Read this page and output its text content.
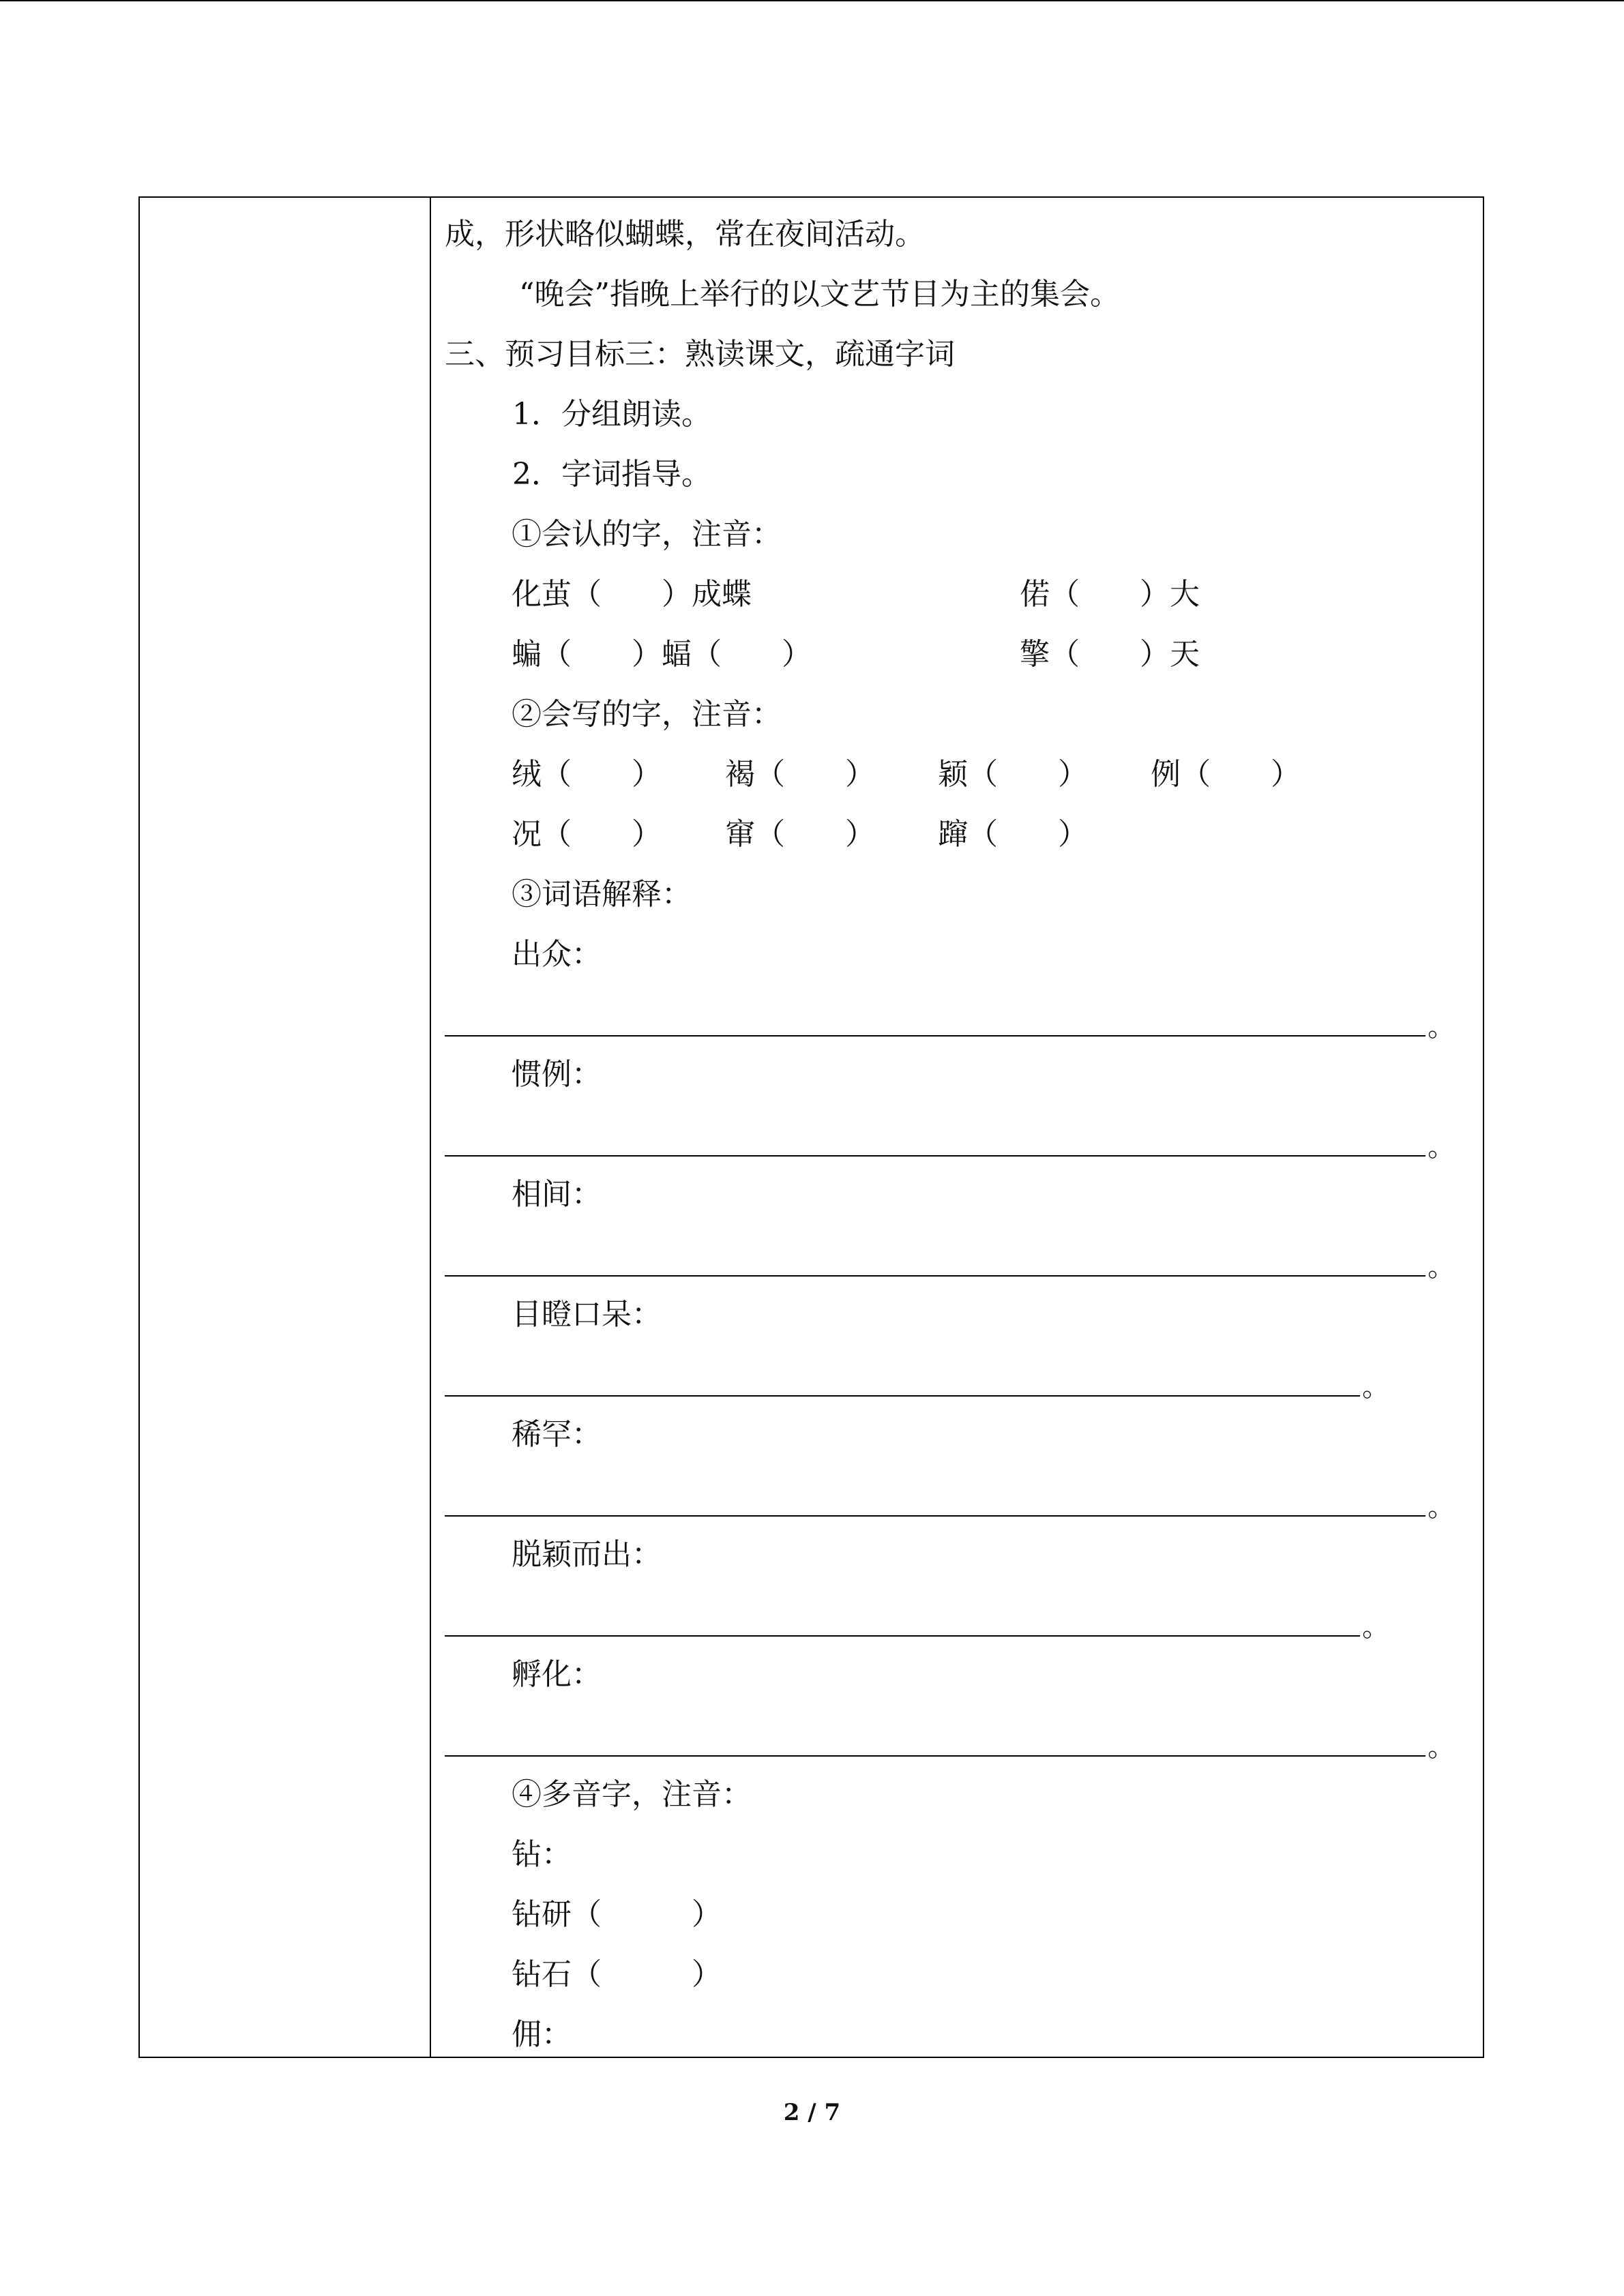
成，形状略似蝴蝶，常在夜间活动。
“晚会”指晚上举行的以文艺节目为主的集会。
三、预习目标三：熟读课文，疏通字词
1．分组朗读。
2．字词指导。
①会认的字，注音：
化茧（　　）成蝶	偌（　　）大
蝙（　　）蝠（　　）	擎（　　）天
②会写的字，注音：
绒（　　） 褐（　　） 颖（　　） 例（　　）
况（　　） 窜（　　） 蹿（　　）
③词语解释：
出众：
。
惯例：
。
相间：
。
目瞪口呆：
。
稀罕：
。
脱颖而出：
。
孵化：
。
④多音字，注音：
钻：
钻研（　　　）
钻石（　　　）
佣：
2 / 7
